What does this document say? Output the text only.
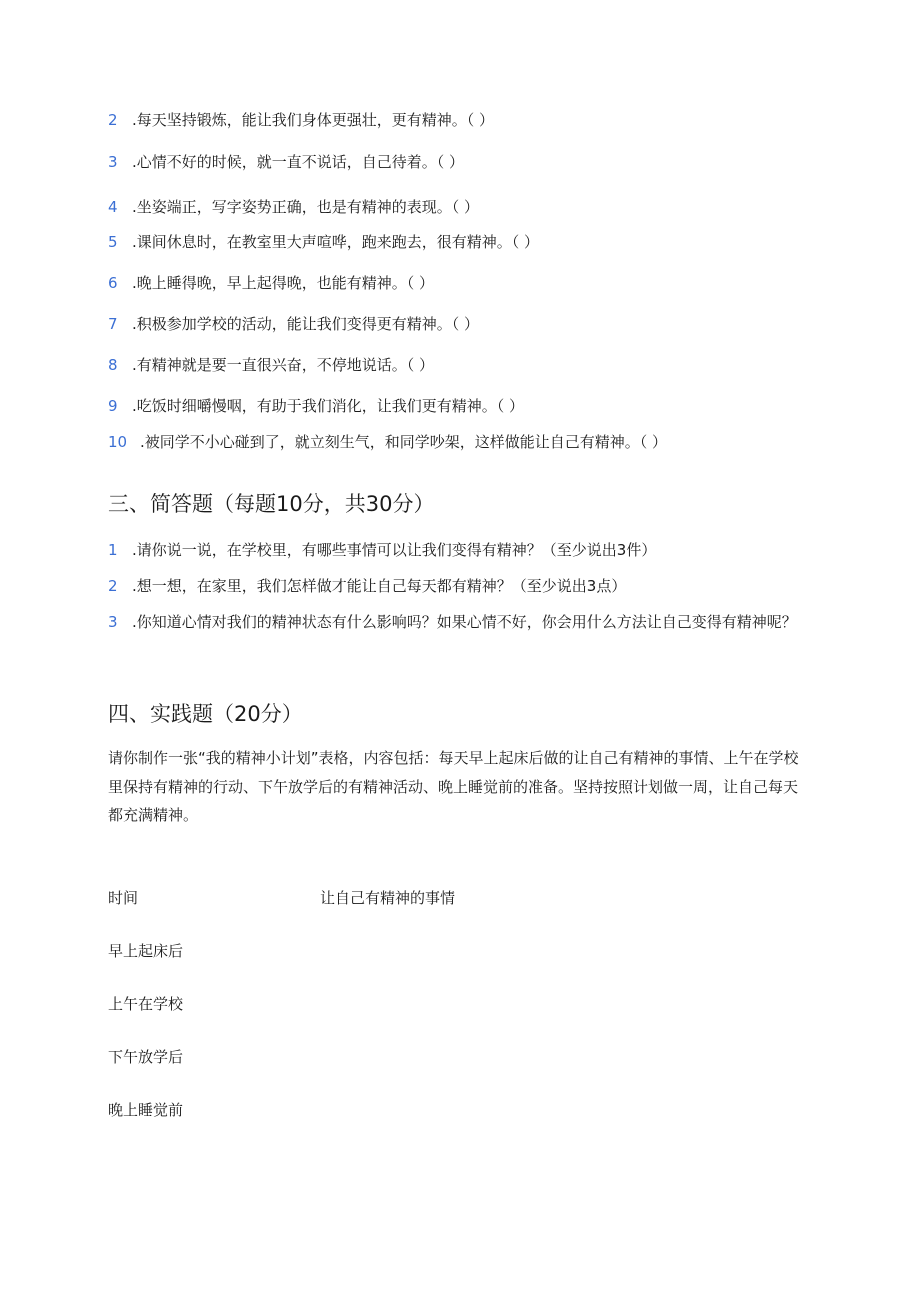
2 .每天坚持锻炼，能让我们身体更强壮，更有精神。（ ）
3 .心情不好的时候，就一直不说话，自己待着。（ ）
4 .坐姿端正，写字姿势正确，也是有精神的表现。（ ）
5 .课间休息时，在教室里大声喧哗，跑来跑去，很有精神。（ ）
6 .晚上睡得晚，早上起得晚，也能有精神。（ ）
7 .积极参加学校的活动，能让我们变得更有精神。（ ）
8 .有精神就是要一直很兴奋，不停地说话。（ ）
9 .吃饭时细嚼慢咽，有助于我们消化，让我们更有精神。（ ）
10 .被同学不小心碰到了，就立刻生气，和同学吵架，这样做能让自己有精神。（ ）
三、简答题（每题10分，共30分）
1 .请你说一说，在学校里，有哪些事情可以让我们变得有精神？（至少说出3件）
2 .想一想，在家里，我们怎样做才能让自己每天都有精神？（至少说出3点）
3 .你知道心情对我们的精神状态有什么影响吗？如果心情不好，你会用什么方法让自己变得有精神呢？
四、实践题（20分）
请你制作一张“我的精神小计划”表格，内容包括：每天早上起床后做的让自己有精神的事情、上午在学校里保持有精神的行动、下午放学后的有精神活动、晚上睡觉前的准备。坚持按照计划做一周，让自己每天都充满精神。
时间	让自己有精神的事情
早上起床后
上午在学校
下午放学后
晚上睡觉前
